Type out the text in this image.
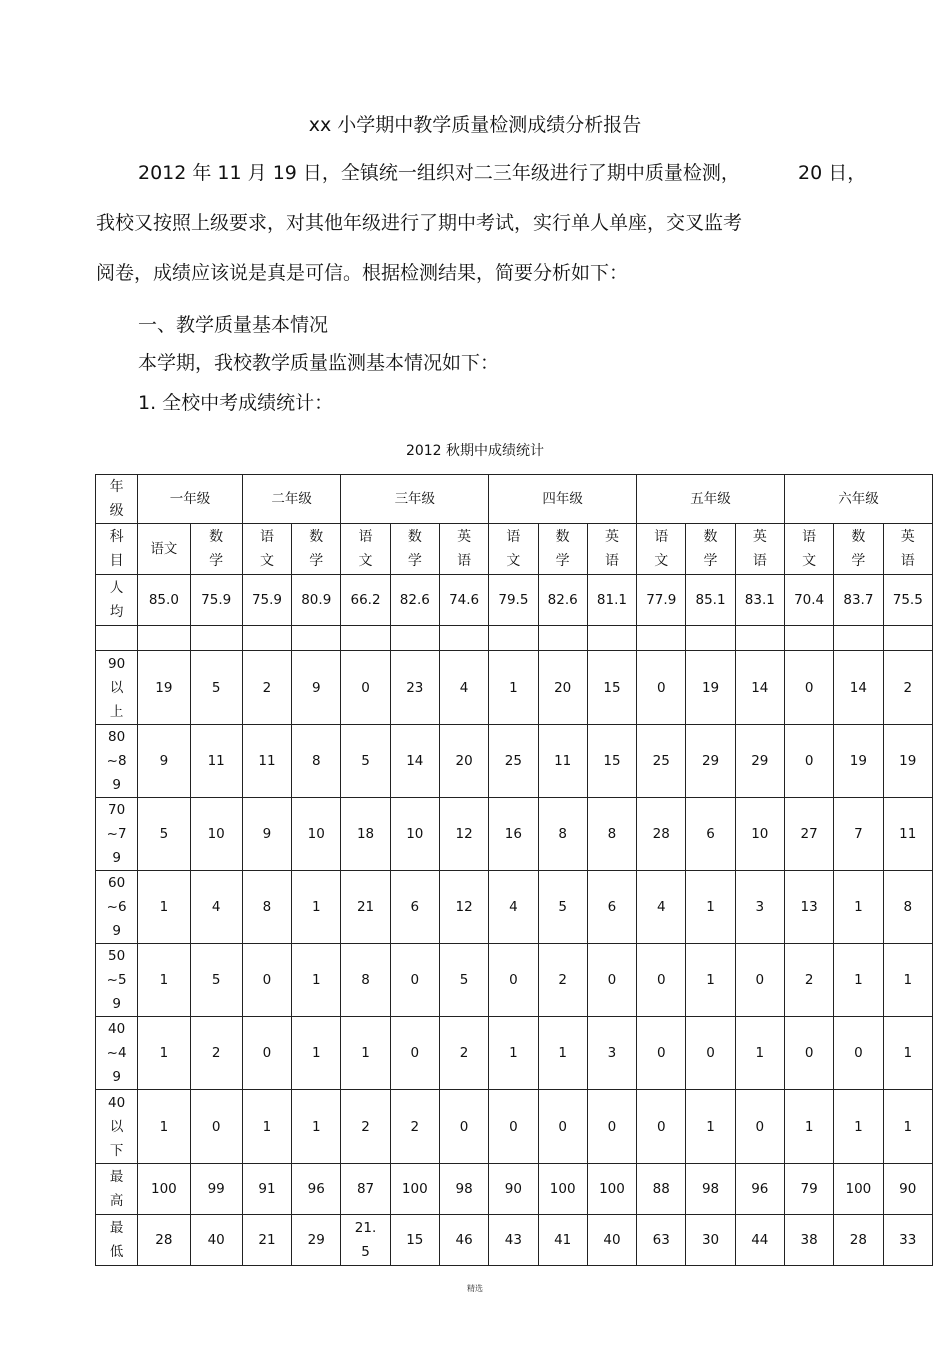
xx 小学期中教学质量检测成绩分析报告
2012 年 11 月 19 日，全镇统一组织对二三年级进行了期中质量检测，	20 日，
我校又按照上级要求，对其他年级进行了期中考试，实行单人单座，交叉监考
阅卷，成绩应该说是真是可信。根据检测结果，简要分析如下：
一、教学质量基本情况
本学期，我校教学质量监测基本情况如下：
1. 全校中考成绩统计：
2012 秋期中成绩统计
年级	一年级		二年级		三年级			四年级			五年级			六年级		
科目	语文	数学	语文	数学	语文	数学	英语	语文	数学	英语	语文	数学	英语	语文	数学	英语
人均	85.0	75.9	75.9	80.9	66.2	82.6	74.6	79.5	82.6	81.1	77.9	85.1	83.1	70.4	83.7	75.5

90以上	19	5	2	9	0	23	4	1	20	15	0	19	14	0	14	2
80~89	9	11	11	8	5	14	20	25	11	15	25	29	29	0	19	19
70~79	5	10	9	10	18	10	12	16	8	8	28	6	10	27	7	11
60~69	1	4	8	1	21	6	12	4	5	6	4	1	3	13	1	8
50~59	1	5	0	1	8	0	5	0	2	0	0	1	0	2	1	1
40~49	1	2	0	1	1	0	2	1	1	3	0	0	1	0	0	1
40以下	1	0	1	1	2	2	0	0	0	0	0	1	0	1	1	1
最高	100	99	91	96	87	100	98	90	100	100	88	98	96	79	100	90
最低	28	40	21	29	21.5	15	46	43	41	40	63	30	44	38	28	33
精选
